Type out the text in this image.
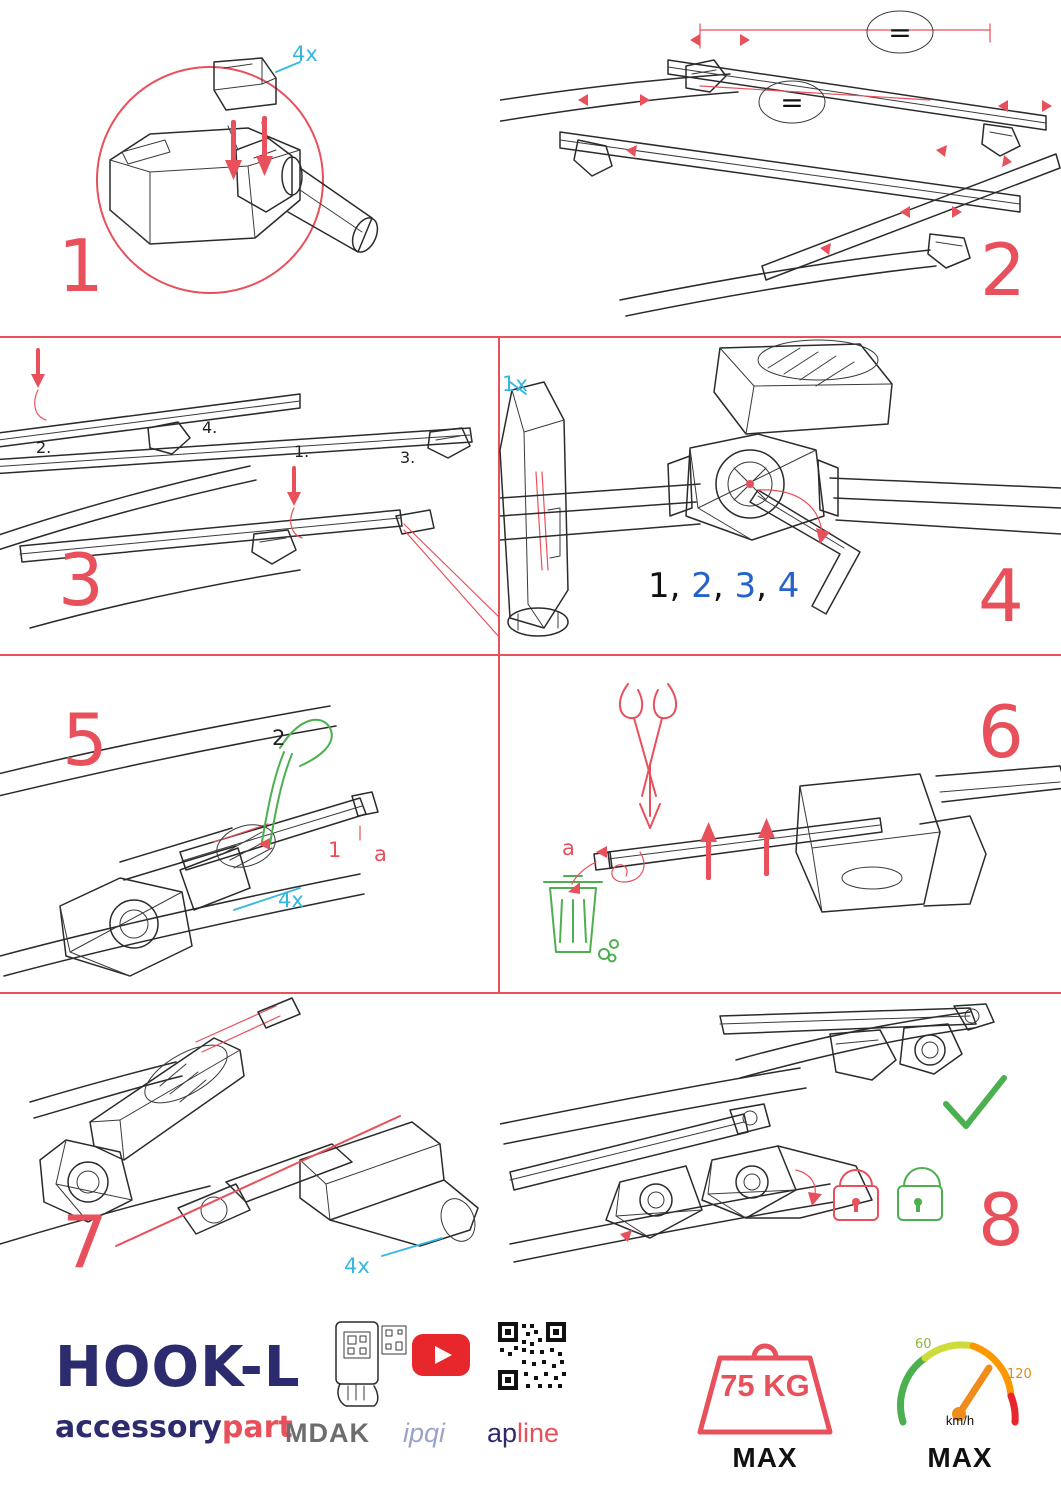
4x
1
=
=
2
2.
4.
1.	3.
3
1x
1, 2, 3, 4 4
2
1 a
4x
5
a
6
4x
7	8
HOOK-L
accessorypart
MDAK ipqi apline
75 KG
MAX
60
120
km/h
MAX
